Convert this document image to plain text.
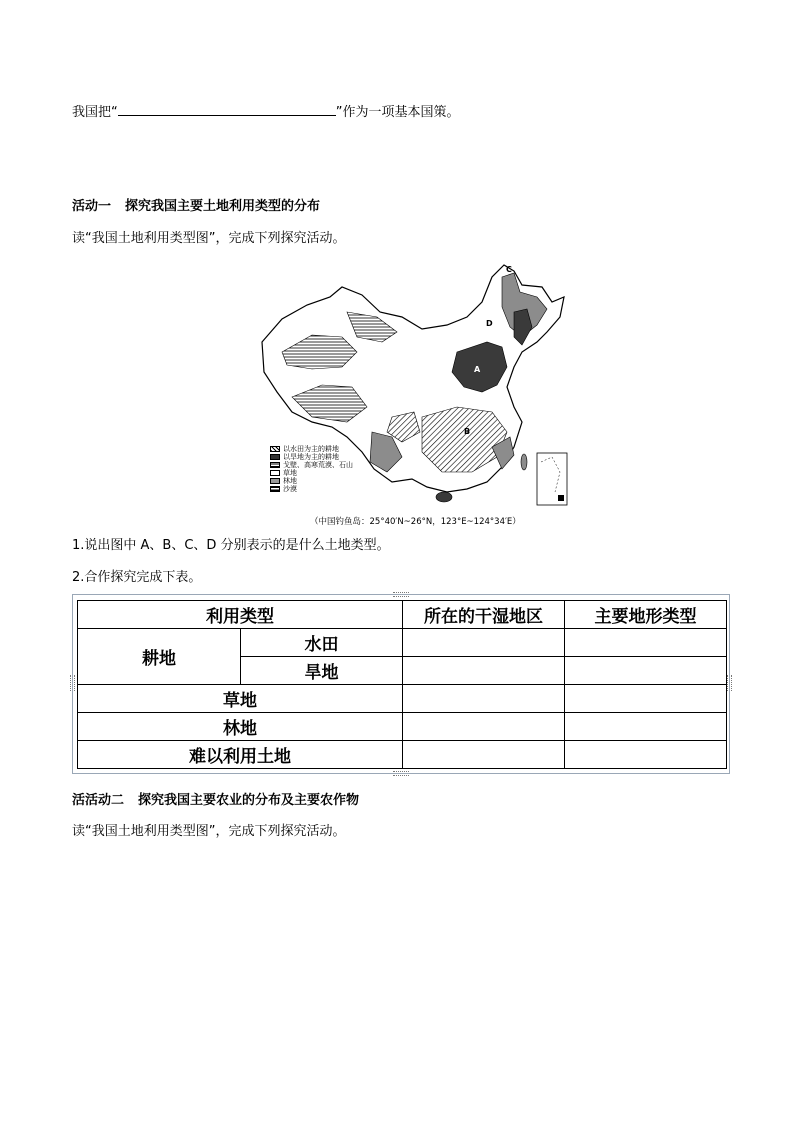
我国把“	”作为一项基本国策。
活动一 探究我国主要土地利用类型的分布
读“我国土地利用类型图”，完成下列探究活动。
C
D
A
B
以水田为主的耕地
以旱地为主的耕地
戈壁、高寒荒漠、石山
草地
林地
沙漠
（中国钓鱼岛：25°40′N~26°N，123°E~124°34′E）
1.说出图中 A、B、C、D 分别表示的是什么土地类型。
2.合作探究完成下表。
利用类型		所在的干湿地区	主要地形类型
耕地	水田		
	旱地		
草地			
林地			
难以利用土地			
活活动二 探究我国主要农业的分布及主要农作物
读“我国土地利用类型图”，完成下列探究活动。
